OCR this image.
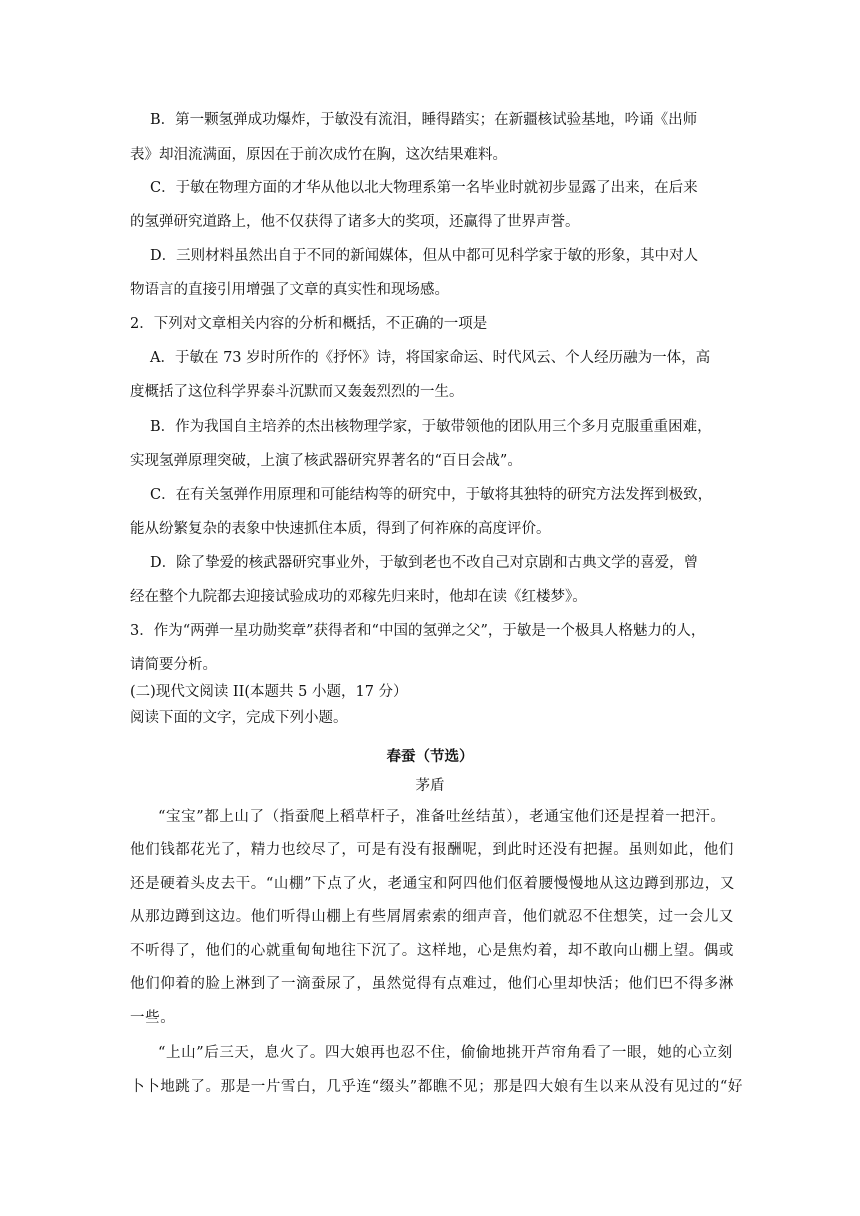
B．第一颗氢弹成功爆炸，于敏没有流泪，睡得踏实；在新疆核试验基地，吟诵《出师
表》却泪流满面，原因在于前次成竹在胸，这次结果难料。
C．于敏在物理方面的才华从他以北大物理系第一名毕业时就初步显露了出来，在后来
的氢弹研究道路上，他不仅获得了诸多大的奖项，还赢得了世界声誉。
D．三则材料虽然出自于不同的新闻媒体，但从中都可见科学家于敏的形象，其中对人
物语言的直接引用增强了文章的真实性和现场感。
2．下列对文章相关内容的分析和概括，不正确的一项是
A．于敏在 73 岁时所作的《抒怀》诗，将国家命运、时代风云、个人经历融为一体，高
度概括了这位科学界泰斗沉默而又轰轰烈烈的一生。
B．作为我国自主培养的杰出核物理学家，于敏带领他的团队用三个多月克服重重困难，
实现氢弹原理突破，上演了核武器研究界著名的“百日会战”。
C．在有关氢弹作用原理和可能结构等的研究中，于敏将其独特的研究方法发挥到极致，
能从纷繁复杂的表象中快速抓住本质，得到了何祚庥的高度评价。
D．除了挚爱的核武器研究事业外，于敏到老也不改自己对京剧和古典文学的喜爱，曾
经在整个九院都去迎接试验成功的邓稼先归来时，他却在读《红楼梦》。
3．作为“两弹一星功勋奖章”获得者和“中国的氢弹之父”，于敏是一个极具人格魅力的人，
请简要分析。
(二)现代文阅读 II(本题共 5 小题，17 分）
阅读下面的文字，完成下列小题。
春蚕（节选）
茅盾
“宝宝”都上山了（指蚕爬上稻草杆子，准备吐丝结茧），老通宝他们还是捏着一把汗。
他们钱都花光了，精力也绞尽了，可是有没有报酬呢，到此时还没有把握。虽则如此，他们
还是硬着头皮去干。“山棚”下点了火，老通宝和阿四他们伛着腰慢慢地从这边蹲到那边，又
从那边蹲到这边。他们听得山棚上有些屑屑索索的细声音，他们就忍不住想笑，过一会儿又
不听得了，他们的心就重甸甸地往下沉了。这样地，心是焦灼着，却不敢向山棚上望。偶或
他们仰着的脸上淋到了一滴蚕尿了，虽然觉得有点难过，他们心里却快活；他们巴不得多淋
一些。
“上山”后三天，息火了。四大娘再也忍不住，偷偷地挑开芦帘角看了一眼，她的心立刻
卜卜地跳了。那是一片雪白，几乎连“缀头”都瞧不见；那是四大娘有生以来从没有见过的“好
